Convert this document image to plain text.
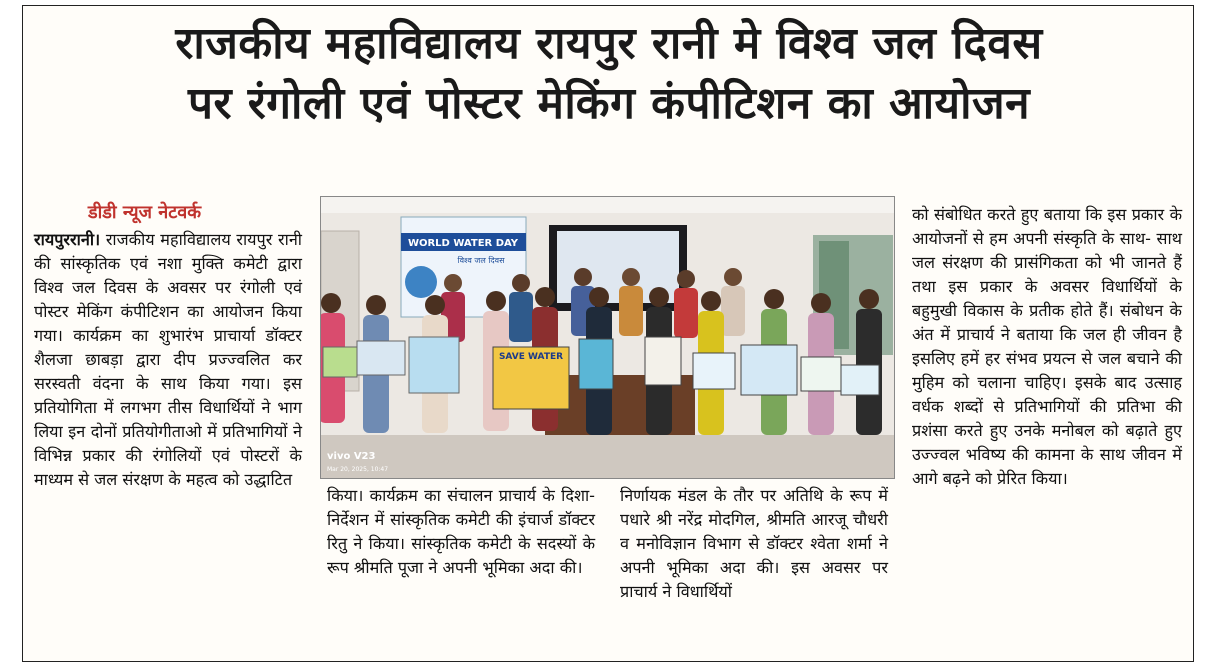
राजकीय महाविद्यालय रायपुर रानी मे विश्व जल दिवस
पर रंगोली एवं पोस्टर मेकिंग कंपीटिशन का आयोजन
डीडी न्यूज नेटवर्क
रायपुररानी। राजकीय महाविद्यालय रायपुर रानी की सांस्कृतिक एवं नशा मुक्ति कमेटी द्वारा विश्व जल दिवस के अवसर पर रंगोली एवं पोस्टर मेकिंग कंपीटिशन का आयोजन किया गया। कार्यक्रम का शुभारंभ प्राचार्या डॉक्टर शैलजा छाबड़ा द्वारा दीप प्रज्ज्वलित कर सरस्वती वंदना के साथ किया गया। इस प्रतियोगिता में लगभग तीस विधार्थियों ने भाग लिया इन दोनों प्रतियोगीताओ में प्रतिभागियों ने विभिन्न प्रकार की रंगोलियों एवं पोस्टरों के माध्यम से जल संरक्षण के महत्व को उद्धाटित
WORLD WATER DAY
विश्व जल दिवस
SAVE WATER
vivo V23
Mar 20, 2025, 10:47
किया। कार्यक्रम का संचालन प्राचार्य के दिशा-निर्देशन में सांस्कृतिक कमेटी की इंचार्ज डॉक्टर रितु ने किया। सांस्कृतिक कमेटी के सदस्यों के रूप श्रीमति पूजा ने अपनी भूमिका अदा की।
निर्णायक मंडल के तौर पर अतिथि के रूप में पधारे श्री नरेंद्र मोदगिल, श्रीमति आरजू चौधरी व मनोविज्ञान विभाग से डॉक्टर श्वेता शर्मा ने अपनी भूमिका अदा की। इस अवसर पर प्राचार्य ने विधार्थियों
को संबोधित करते हुए बताया कि इस प्रकार के आयोजनों से हम अपनी संस्कृति के साथ- साथ जल संरक्षण की प्रासंगिकता को भी जानते हैं तथा इस प्रकार के अवसर विधार्थियों के बहुमुखी विकास के प्रतीक होते हैं। संबोधन के अंत में प्राचार्य ने बताया कि जल ही जीवन है इसलिए हमें हर संभव प्रयत्न से जल बचाने की मुहिम को चलाना चाहिए। इसके बाद उत्साह वर्धक शब्दों से प्रतिभागियों की प्रतिभा की प्रशंसा करते हुए उनके मनोबल को बढ़ाते हुए उज्ज्वल भविष्य की कामना के साथ जीवन में आगे बढ़ने को प्रेरित किया।
